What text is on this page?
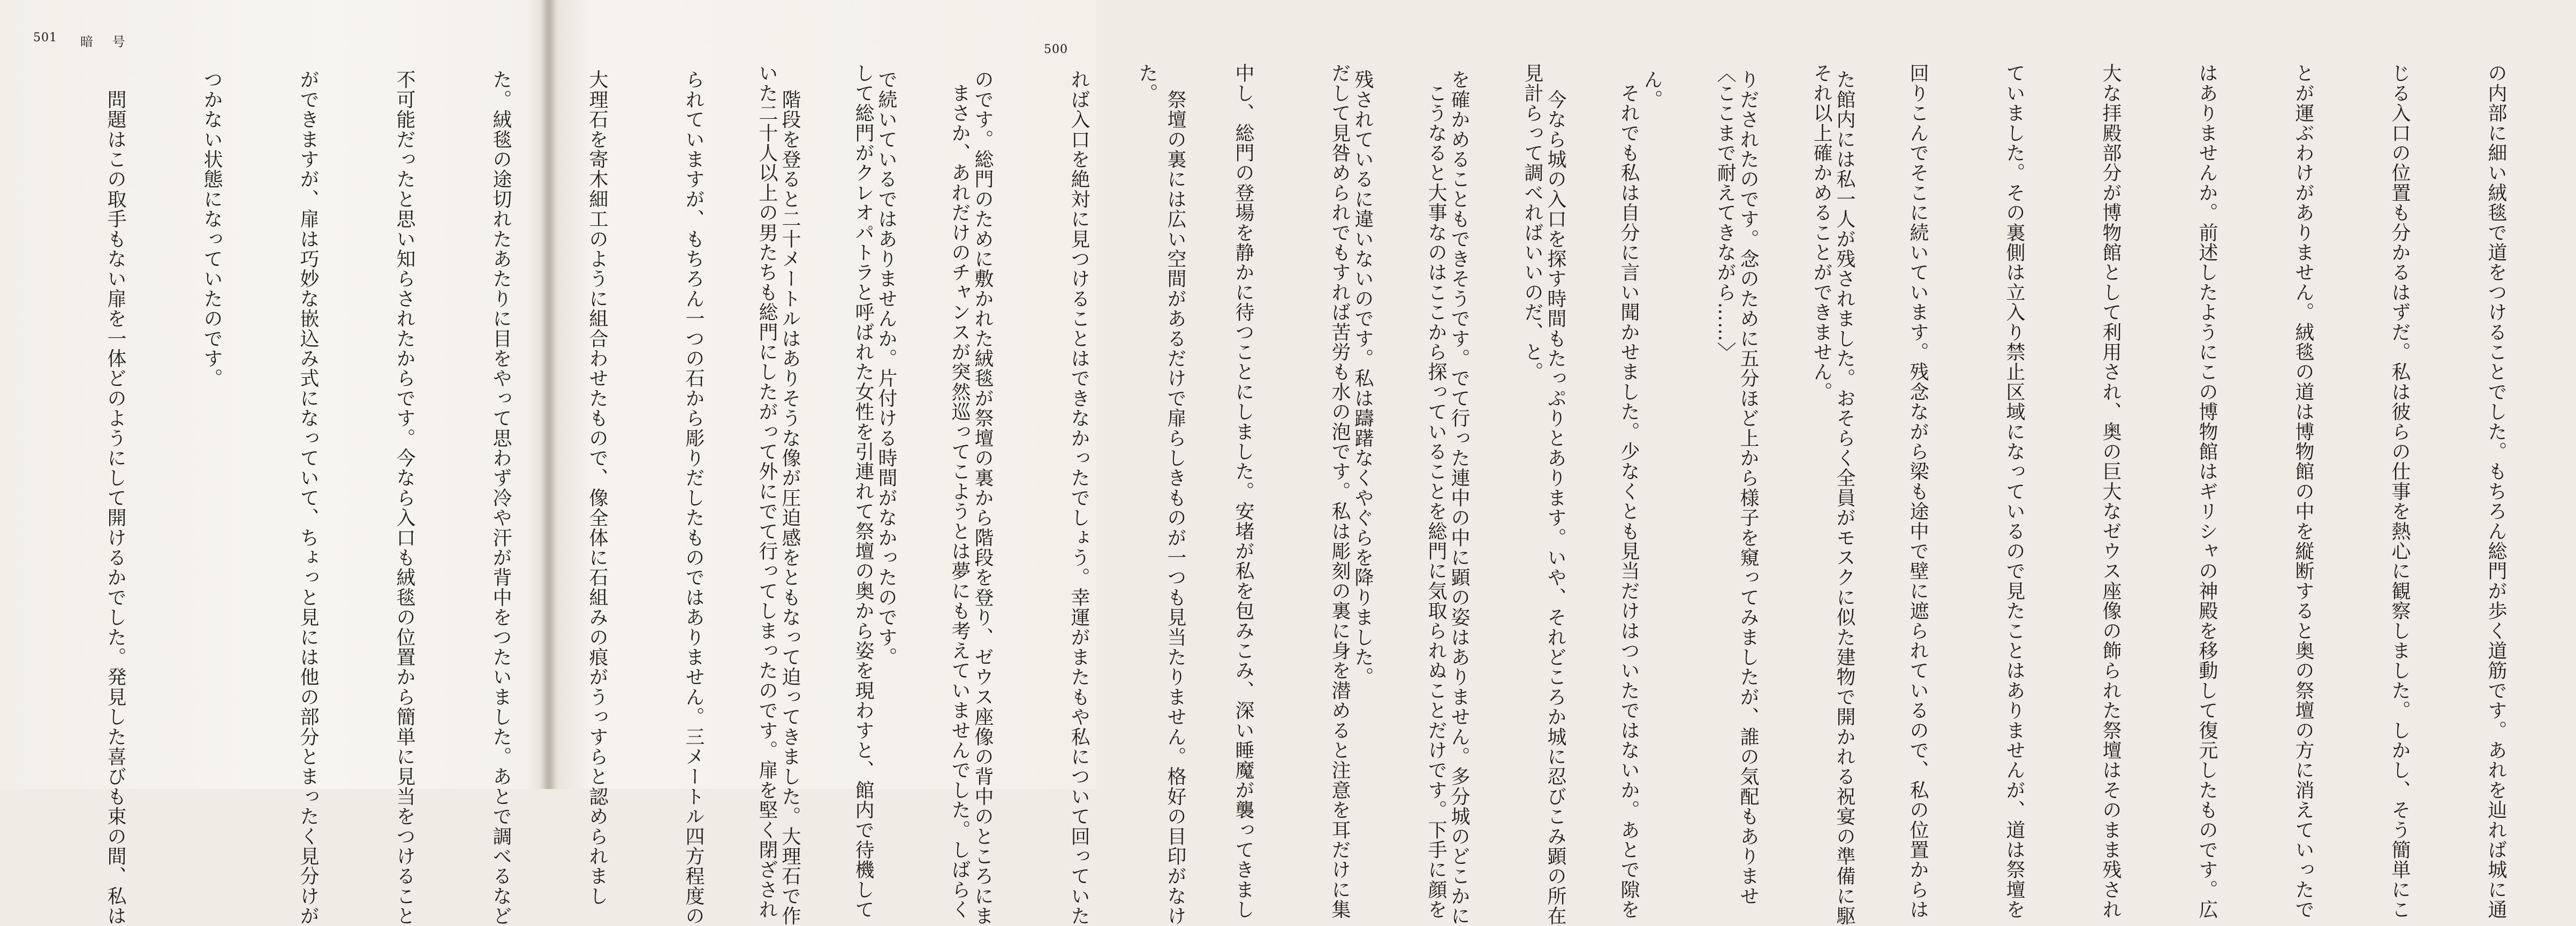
501 暗 号

た館内には私一人が残されました。おそらく全員がモスクに似た建物で開かれる祝宴の準備に駆

りだされたのです。念のために五分ほど上から様子を窺ってみましたが、誰の気配もありませ

ん。

　今なら城の入口を探す時間もたっぷりとあります。いや、それどころか城に忍びこみ顕の所在

を確かめることもできそうです。でて行った連中の中に顕の姿はありません。多分城のどこかに

残されているに違いないのです。私は躊躇なくやぐらを降りました。

　祭壇の裏には広い空間があるだけで扉らしきものが一つも見当たりません。格好の目印がなけ

れば入口を絶対に見つけることはできなかったでしょう。幸運がまたもや私について回っていた

のです。総門のために敷かれた絨毯が祭壇の裏から階段を登り、ゼウス座像の背中のところにま

で続いているではありませんか。片付ける時間がなかったのです。

　階段を登ると二十メートルはありそうな像が圧迫感をともなって迫ってきました。大理石で作

られていますが、もちろん一つの石から彫りだしたものではありません。三メートル四方程度の

大理石を寄木細工のように組合わせたもので、像全体に石組みの痕がうっすらと認められまし

た。絨毯の途切れたあたりに目をやって思わず冷や汗が背中をつたいました。あとで調べるなど

不可能だったと思い知らされたからです。今なら入口も絨毯の位置から簡単に見当をつけること

ができますが、扉は巧妙な嵌込み式になっていて、ちょっと見には他の部分とまったく見分けが

つかない状態になっていたのです。

　問題はこの取手もない扉を一体どのようにして開けるかでした。発見した喜びも束の間、私は

500

の内部に細い絨毯で道をつけることでした。もちろん総門が歩く道筋です。あれを辿れば城に通

じる入口の位置も分かるはずだ。私は彼らの仕事を熱心に観察しました。しかし、そう簡単にこ

とが運ぶわけがありません。絨毯の道は博物館の中を縦断すると奥の祭壇の方に消えていったで

はありませんか。前述したようにこの博物館はギリシャの神殿を移動して復元したものです。広

大な拝殿部分が博物館として利用され、奥の巨大なゼウス座像の飾られた祭壇はそのまま残され

ていました。その裏側は立入り禁止区域になっているので見たことはありませんが、道は祭壇を

回りこんでそこに続いています。残念ながら梁も途中で壁に遮られているので、私の位置からは

それ以上確かめることができません。

〈ここまで耐えてきながら……〉

　それでも私は自分に言い聞かせました。少なくとも見当だけはついたではないか。あとで隙を

見計らって調べればいいのだ、と。

　こうなると大事なのはここから探っていることを総門に気取られぬことだけです。下手に顔を

だして見咎められでもすれば苦労も水の泡です。私は彫刻の裏に身を潜めると注意を耳だけに集

中し、総門の登場を静かに待つことにしました。安堵が私を包みこみ、深い睡魔が襲ってきまし

た。

　まさか、あれだけのチャンスが突然巡ってこようとは夢にも考えていませんでした。しばらく

して総門がクレオパトラと呼ばれた女性を引連れて祭壇の奥から姿を現わすと、館内で待機して

いた二十人以上の男たちも総門にしたがって外にでて行ってしまったのです。扉を堅く閉ざされ
